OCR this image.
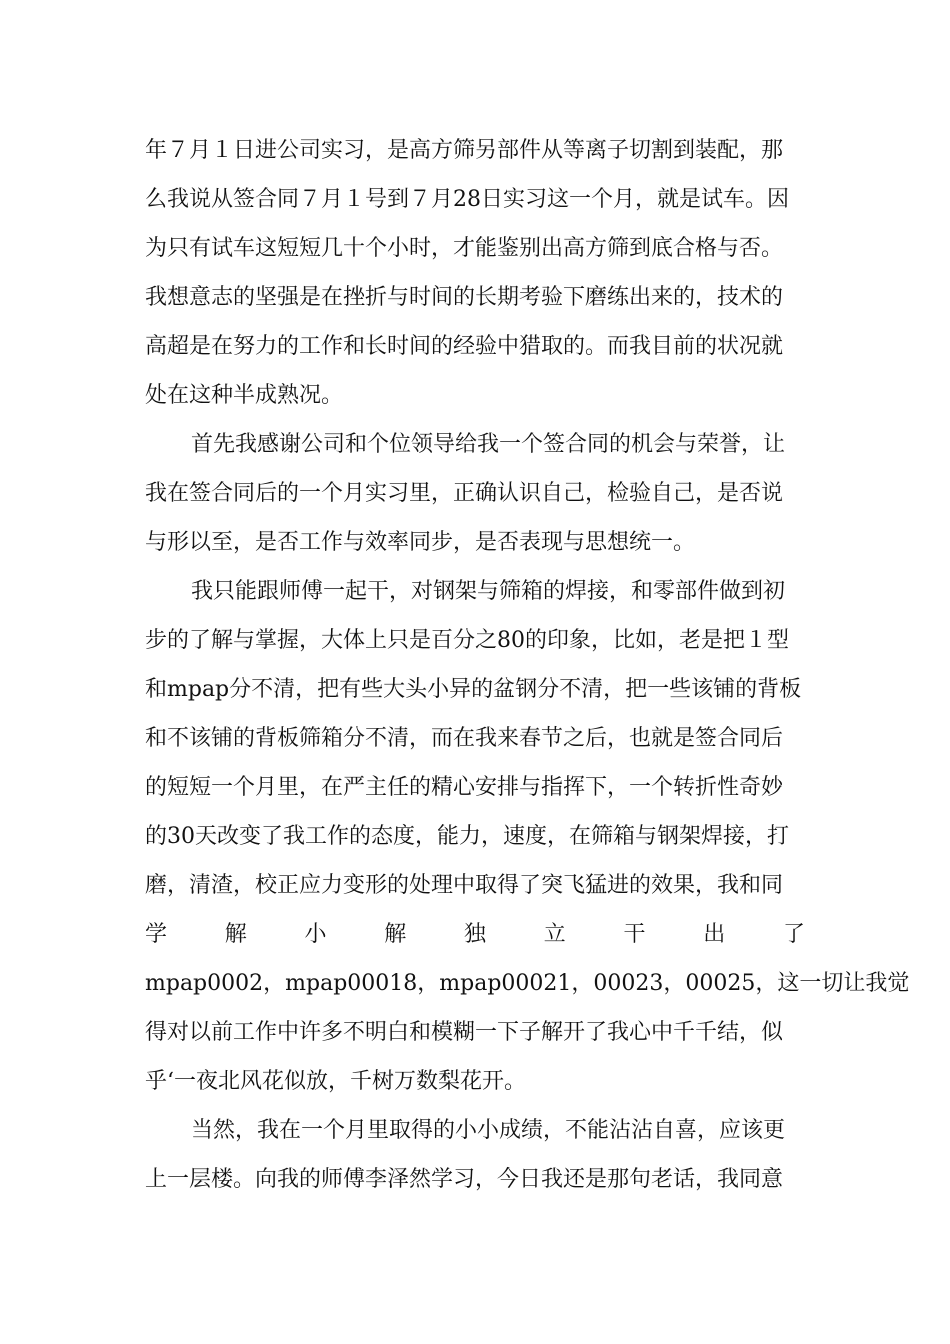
年７月１日进公司实习，是高方筛另部件从等离子切割到装配，那
么我说从签合同７月１号到７月28日实习这一个月，就是试车。因
为只有试车这短短几十个小时，才能鉴别出高方筛到底合格与否。
我想意志的坚强是在挫折与时间的长期考验下磨练出来的，技术的
高超是在努力的工作和长时间的经验中猎取的。而我目前的状况就
处在这种半成熟况。
首先我感谢公司和个位领导给我一个签合同的机会与荣誉，让
我在签合同后的一个月实习里，正确认识自己，检验自己，是否说
与形以至，是否工作与效率同步，是否表现与思想统一。
我只能跟师傅一起干，对钢架与筛箱的焊接，和零部件做到初
步的了解与掌握，大体上只是百分之80的印象，比如，老是把１型
和mpap分不清，把有些大头小异的盆钢分不清，把一些该铺的背板
和不该铺的背板筛箱分不清，而在我来春节之后，也就是签合同后
的短短一个月里，在严主任的精心安排与指挥下，一个转折性奇妙
的30天改变了我工作的态度，能力，速度，在筛箱与钢架焊接，打
磨，清渣，校正应力变形的处理中取得了突飞猛进的效果，我和同
学 解 小 解 独 立 干 出 了
mpap0002，mpap00018，mpap00021，00023，00025，这一切让我觉
得对以前工作中许多不明白和模糊一下子解开了我心中千千结，似
乎‘一夜北风花似放，千树万数梨花开。
当然，我在一个月里取得的小小成绩，不能沾沾自喜，应该更
上一层楼。向我的师傅李泽然学习，今日我还是那句老话，我同意
